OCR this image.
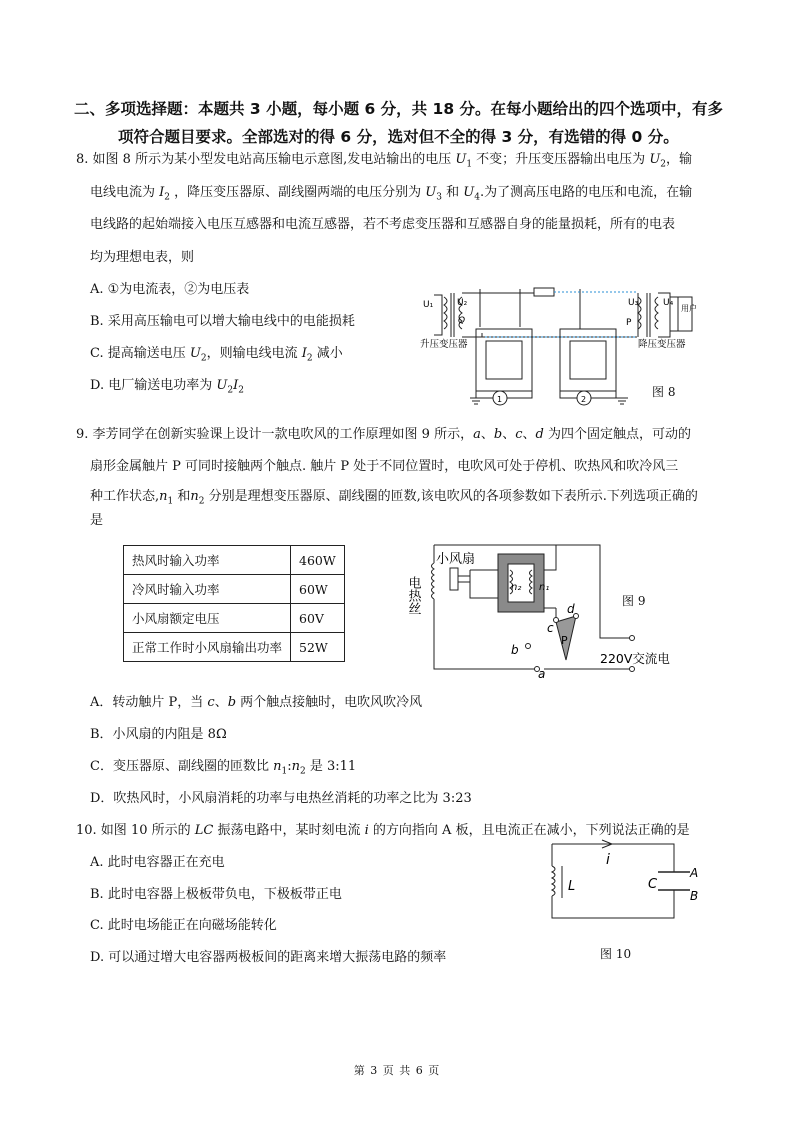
二、多项选择题：本题共 3 小题，每小题 6 分，共 18 分。在每小题给出的四个选项中，有多
项符合题目要求。全部选对的得 6 分，选对但不全的得 3 分，有选错的得 0 分。
8. 如图 8 所示为某小型发电站高压输电示意图,发电站输出的电压 $U_1$ 不变；升压变压器输出电压为 $U_2$，输
电线电流为 $I_2$ ，降压变压器原、副线圈两端的电压分别为 $U_3$ 和 $U_4$.为了测高压电路的电压和电流，在输
电线路的起始端接入电压互感器和电流互感器，若不考虑变压器和互感器自身的能量损耗，所有的电表
均为理想电表，则
A. ①为电流表，②为电压表
B. 采用高压输电可以增大输电线中的电能损耗
C. 提高输送电压 $U_2$，则输电线电流 $I_2$ 减小
D. 电厂输送电功率为 $U_2I_2$
U₁	U₂
Q
U₃	U₄
P
用户
升压变压器	降压变压器
1	2
图 8
9. 李芳同学在创新实验课上设计一款电吹风的工作原理如图 9 所示，a、b、c、d 为四个固定触点，可动的
扇形金属触片 P 可同时接触两个触点. 触片 P 处于不同位置时，电吹风可处于停机、吹热风和吹冷风三
种工作状态$,n_1$ 和$n_2$ 分别是理想变压器原、副线圈的匝数,该电吹风的各项参数如下表所示.下列选项正确的
是
热风时输入功率	460W
冷风时输入功率	60W
小风扇额定电压	60V
正常工作时小风扇输出功率	52W
小风扇
电热丝	n₂ n₁
d
c
P
b
a
220V交流电
图 9
A．转动触片 P，当 c、b 两个触点接触时，电吹风吹冷风
B．小风扇的内阻是 8Ω
C．变压器原、副线圈的匝数比 $n_1:n_2$ 是 3:11
D．吹热风时，小风扇消耗的功率与电热丝消耗的功率之比为 3:23
10. 如图 10 所示的 LC 振荡电路中，某时刻电流 i 的方向指向 A 板，且电流正在减小，下列说法正确的是
A. 此时电容器正在充电
B. 此时电容器上极板带负电，下极板带正电
C. 此时电场能正在向磁场能转化
D. 可以通过增大电容器两极板间的距离来增大振荡电路的频率
i
L	C
A
B
图 10
第 3 页 共 6 页
